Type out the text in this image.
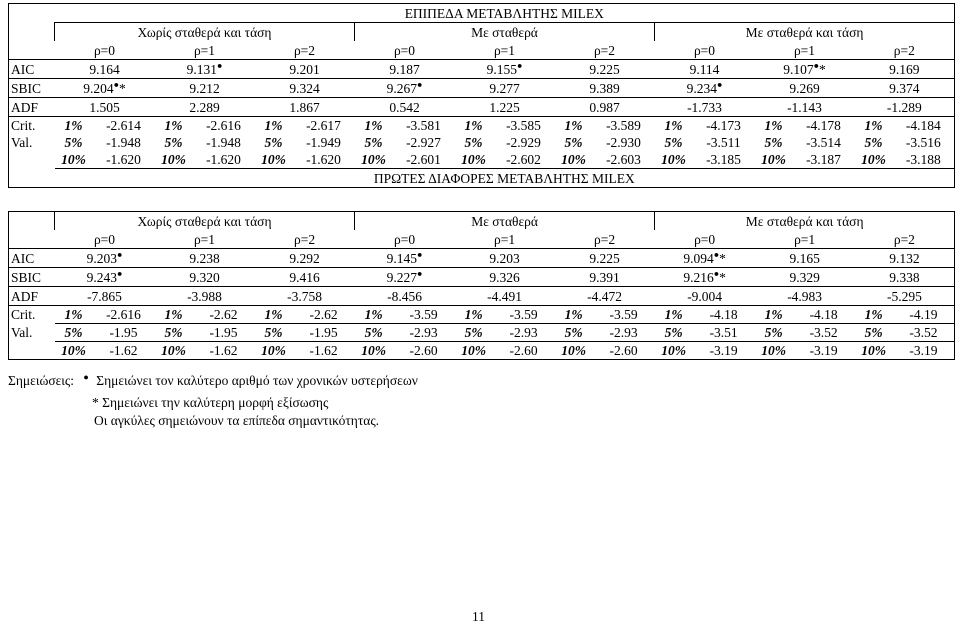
	ΕΠΙΠΕΔΑ ΜΕΤΑΒΛΗΤΗΣ MILEX																	
	Χωρίς σταθερά και τάση						Με σταθερά						Με σταθερά και τάση					
	ρ=0		ρ=1		ρ=2		ρ=0		ρ=1		ρ=2		ρ=0		ρ=1		ρ=2	
AIC	9.164		9.131●		9.201		9.187		9.155●		9.225		9.114		9.107●*		9.169	
SBIC	9.204●*		9.212		9.324		9.267●		9.277		9.389		9.234●		9.269		9.374	
ADF	1.505		2.289		1.867		0.542		1.225		0.987		-1.733		-1.143		-1.289	
Crit.	1%	-2.614	1%	-2.616	1%	-2.617	1%	-3.581	1%	-3.585	1%	-3.589	1%	-4.173	1%	-4.178	1%	-4.184
Val.	5%	-1.948	5%	-1.948	5%	-1.949	5%	-2.927	5%	-2.929	5%	-2.930	5%	-3.511	5%	-3.514	5%	-3.516
	10%	-1.620	10%	-1.620	10%	-1.620	10%	-2.601	10%	-2.602	10%	-2.603	10%	-3.185	10%	-3.187	10%	-3.188
	ΠΡΩΤΕΣ ΔΙΑΦΟΡΕΣ ΜΕΤΑΒΛΗΤΗΣ MILEX																	
	Χωρίς σταθερά και τάση						Με σταθερά						Με σταθερά και τάση					
	ρ=0		ρ=1		ρ=2		ρ=0		ρ=1		ρ=2		ρ=0		ρ=1		ρ=2	
AIC	9.203●		9.238		9.292		9.145●		9.203		9.225		9.094●*		9.165		9.132	
SBIC	9.243●		9.320		9.416		9.227●		9.326		9.391		9.216●*		9.329		9.338	
ADF	-7.865		-3.988		-3.758		-8.456		-4.491		-4.472		-9.004		-4.983		-5.295	
Crit.	1%	-2.616	1%	-2.62	1%	-2.62	1%	-3.59	1%	-3.59	1%	-3.59	1%	-4.18	1%	-4.18	1%	-4.19
Val.	5%	-1.95	5%	-1.95	5%	-1.95	5%	-2.93	5%	-2.93	5%	-2.93	5%	-3.51	5%	-3.52	5%	-3.52
	10%	-1.62	10%	-1.62	10%	-1.62	10%	-2.60	10%	-2.60	10%	-2.60	10%	-3.19	10%	-3.19	10%	-3.19
Σημειώσεις: ● Σημειώνει τον καλύτερο αριθμό των χρονικών υστερήσεων
* Σημειώνει την καλύτερη μορφή εξίσωσης
Οι αγκύλες σημειώνουν τα επίπεδα σημαντικότητας.
11
